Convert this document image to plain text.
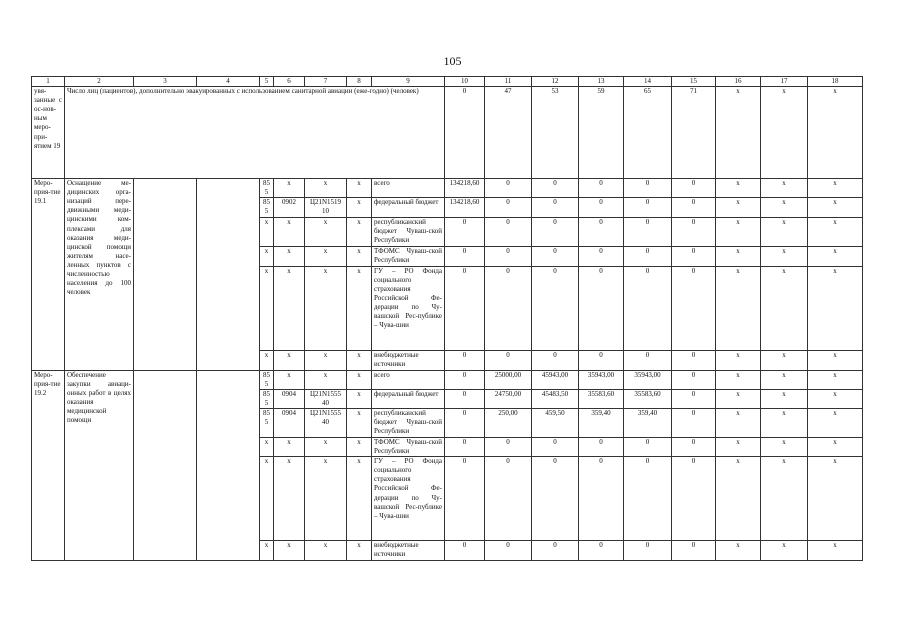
105
1	2	3	4	5	6	7	8	9	10	11	12	13	14	15	16	17	18
увя-занные с ос-нов-ным меро-при-ятием 19	Число лиц (пациентов), дополнительно эвакуированных с использованием санитарной авиации (еже-годно) (человек)								0	47	53	59	65	71	x	x	x
Меро-прия-тие 19.1	Оснащение ме-дицинских орга-низаций пере-движными меди-цинскими ком-плексами для оказания меди-цинской помощи жителям насе-ленных пунктов с численностью населения до 100 человек			855	x	x	x	всего	134218,60	0	0	0	0	0	x	x	x
				855	0902	Ц21N1519 10	x	федеральный бюджет	134218,60	0	0	0	0	0	x	x	x
				x	x	x	x	республиканский бюджет Чуваш-ской Республики	0	0	0	0	0	0	x	x	x
				x	x	x	x	ТФОМС Чуваш-ской Республики	0	0	0	0	0	0	x	x	x
				x	x	x	x	ГУ – РО Фонда социального страхования Российской Фе-дерации по Чу-вашской Рес-публике – Чува-шии	0	0	0	0	0	0	x	x	x
				x	x	x	x	внебюджетные источники	0	0	0	0	0	0	x	x	x
Меро-прия-тие 19.2	Обеспечение закупки авиаци-онных работ в целях оказания медицинской помощи			855	x	x	x	всего	0	25000,00	45943,00	35943,00	35943,00	0	x	x	x
				855	0904	Ц21N1555 40	x	федеральный бюджет	0	24750,00	45483,50	35583,60	35583,60	0	x	x	x
				855	0904	Ц21N1555 40	x	республиканский бюджет Чуваш-ской Республики	0	250,00	459,50	359,40	359,40	0	x	x	x
				x	x	x	x	ТФОМС Чуваш-ской Республики	0	0	0	0	0	0	x	x	x
				x	x	x	x	ГУ – РО Фонда социального страхования Российской Фе-дерации по Чу-вашской Рес-публике – Чува-шии	0	0	0	0	0	0	x	x	x
				x	x	x	x	внебюджетные источники	0	0	0	0	0	0	x	x	x
